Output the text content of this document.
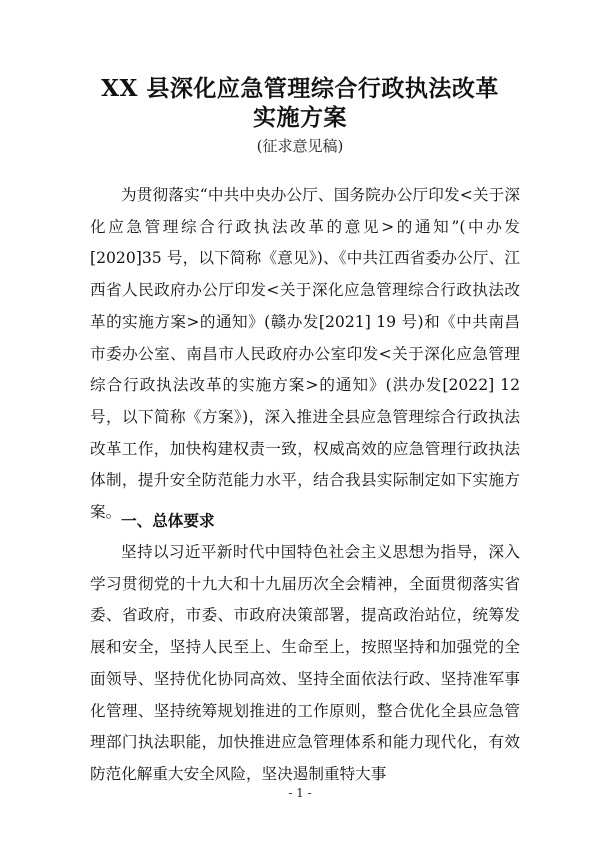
XX 县深化应急管理综合行政执法改革
实施方案

(征求意见稿)

为贯彻落实“中共中央办公厅、国务院办公厅印发<关于深化应急管理综合行政执法改革的意见>的通知”(中办发[2020]35 号，以下简称《意见》)、《中共江西省委办公厅、江西省人民政府办公厅印发<关于深化应急管理综合行政执法改革的实施方案>的通知》(赣办发[2021] 19 号)和《中共南昌市委办公室、南昌市人民政府办公室印发<关于深化应急管理综合行政执法改革的实施方案>的通知》(洪办发[2022] 12 号，以下简称《方案》)，深入推进全县应急管理综合行政执法改革工作，加快构建权责一致，权威高效的应急管理行政执法体制，提升安全防范能力水平，结合我县实际制定如下实施方案。 一、总体要求

坚持以习近平新时代中国特色社会主义思想为指导，深入学习贯彻党的十九大和十九届历次全会精神，全面贯彻落实省委、省政府，市委、市政府决策部署，提高政治站位，统筹发展和安全，坚持人民至上、生命至上，按照坚持和加强党的全面领导、坚持优化协同高效、坚持全面依法行政、坚持准军事化管理、坚持统筹规划推进的工作原则，整合优化全县应急管理部门执法职能，加快推进应急管理体系和能力现代化，有效防范化解重大安全风险，坚决遏制重特大事

- 1 -
